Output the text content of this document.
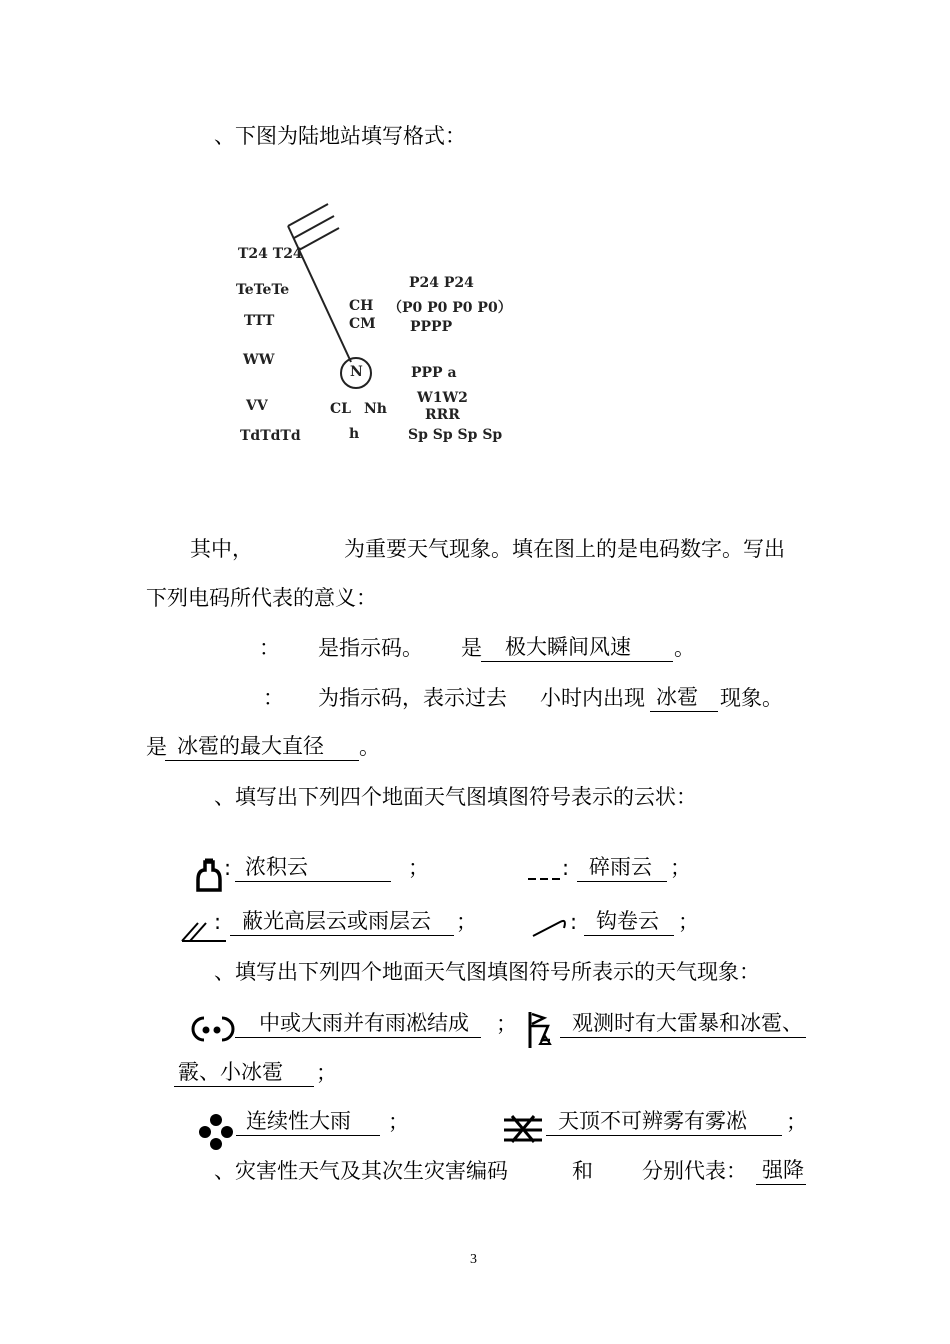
、下图为陆地站填写格式：
T24 T24
TeTeTe
TTT
WW
VV
TdTdTd
CH
CM
N
CL Nh
h
P24 P24
（P0 P0 P0 P0）
PPPP
PPP a
W1W2
RRR
Sp Sp Sp Sp
其中，	为重要天气现象。填在图上的是电码数字。写出
下列电码所代表的意义：
： 是指示码。 是	极大瞬间风速	。
： 为指示码，表示过去 小时内出现 冰雹	现象。
是 冰雹的最大直径	。
、填写出下列四个地面天气图填图符号表示的云状：
: 浓积云	；	: 碎雨云 ；
: 蔽光高层云或雨层云	；	: 钩卷云 ；
、填写出下列四个地面天气图填图符号所表示的天气现象：
中或大雨并有雨凇结成	；	观测时有大雷暴和冰雹、
霰、小冰雹	；
连续性大雨	；	天顶不可辨雾有雾凇	；
、灾害性天气及其次生灾害编码	和 分别代表： 强降
3
